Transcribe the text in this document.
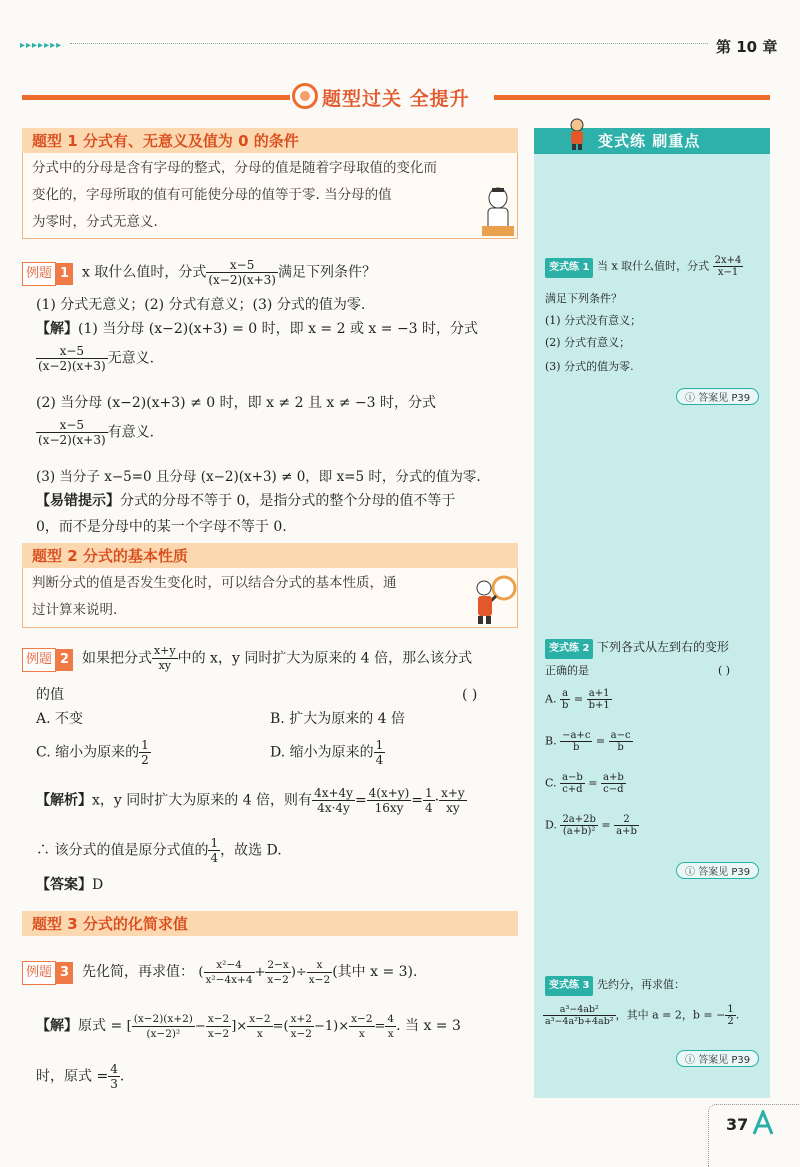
▸▸▸▸▸▸▸	第 10 章
题型过关 全提升
变式练 刷重点
变式练 1 当 x 取什么值时，分式 $\frac{2x+4}{x-1}$
满足下列条件？
(1) 分式没有意义；
(2) 分式有意义；
(3) 分式的值为零.
ⓘ 答案见 P39
变式练 2 下列各式从左到右的变形
正确的是	( )
A. $\frac{a}{b} = \frac{a+1}{b+1}$
B. $\frac{-a+c}{b} = \frac{a-c}{b}$
C. $\frac{a-b}{c+d} = \frac{a+b}{c-d}$
D. $\frac{2a+2b}{\text{(a+b)²}} = \frac{2}{a+b}$
ⓘ 答案见 P39
变式练 3 先约分，再求值：
$\frac{\text{a³−4ab²}}{\text{a³−4a²b+4ab²}}$ ，其中 a = 2，b = − $\frac{1}{2}$ .
ⓘ 答案见 P39
题型 1 分式有、无意义及值为 0 的条件
分式中的分母是含有字母的整式，分母的值是随着字母取值的变化而
变化的，字母所取的值有可能使分母的值等于零. 当分母的值
为零时，分式无意义.
例题 1 x 取什么值时，分式 $\frac{x-5}{(x-2)(x+3)}$ 满足下列条件？
(1) 分式无意义；(2) 分式有意义；(3) 分式的值为零.
【解】(1) 当分母 (x−2)(x+3) = 0 时，即 x = 2 或 x = −3 时，分式
$\frac{x-5}{(x-2)(x+3)}$ 无意义.
(2) 当分母 (x−2)(x+3) ≠ 0 时，即 x ≠ 2 且 x ≠ −3 时，分式
$\frac{x-5}{(x-2)(x+3)}$ 有意义.
(3) 当分子 x−5=0 且分母 (x−2)(x+3) ≠ 0，即 x=5 时，分式的值为零.
【易错提示】分式的分母不等于 0，是指分式的整个分母的值不等于
0，而不是分母中的某一个字母不等于 0.
题型 2 分式的基本性质
判断分式的值是否发生变化时，可以结合分式的基本性质，通
过计算来说明.
例题 2 如果把分式 $\frac{x+y}{xy}$ 中的 x，y 同时扩大为原来的 4 倍，那么该分式
的值	( )
A. 不变	B. 扩大为原来的 4 倍
C. 缩小为原来的 $\frac{1}{2}$	D. 缩小为原来的 $\frac{1}{4}$
【解析】x，y 同时扩大为原来的 4 倍，则有 $\frac{4x+4y}{4x\cdot 4y} = \frac{4(x+y)}{16xy} = \frac{1}{4} \cdot \frac{x+y}{xy}$
∴ 该分式的值是原分式值的 $\frac{1}{4}$ ，故选 D.
【答案】D
题型 3 分式的化简求值
例题 3 先化简，再求值： ( $\frac{\text{x²−4}}{\text{x²−4x+4}} + \frac{2-x}{x-2}$ )÷ $\frac{x}{x-2}$ (其中 x = 3).
【解】原式 = [ $\frac{(x-2)(x+2)}{\text{(x−2)²}} - \frac{x-2}{x-2}$ ]× $\frac{x-2}{x}$ =( $\frac{x+2}{x-2} -1)\times \frac{x-2}{x} = \frac{4}{x}$ . 当 x = 3
时，原式 = $\frac{4}{3}$ .
37
